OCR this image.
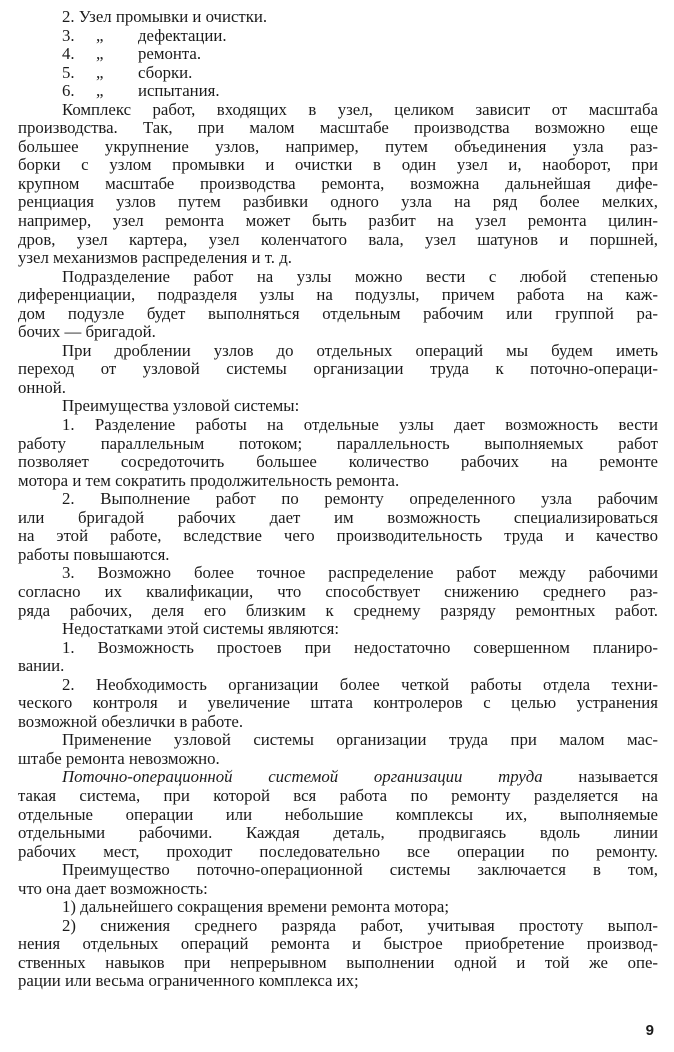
2. Узел промывки и очистки.
3. „ дефектации.
4. „ ремонта.
5. „ сборки.
6. „ испытания.
Комплекс работ, входящих в узел, целиком зависит от масштаба
производства. Так, при малом масштабе производства возможно еще
большее укрупнение узлов, например, путем объединения узла раз-
борки с узлом промывки и очистки в один узел и, наоборот, при
крупном масштабе производства ремонта, возможна дальнейшая дифе-
ренциация узлов путем разбивки одного узла на ряд более мелких,
например, узел ремонта может быть разбит на узел ремонта цилин-
дров, узел картера, узел коленчатого вала, узел шатунов и поршней,
узел механизмов распределения и т. д.
Подразделение работ на узлы можно вести с любой степенью
диференциации, подразделя узлы на подузлы, причем работа на каж-
дом подузле будет выполняться отдельным рабочим или группой ра-
бочих — бригадой.
При дроблении узлов до отдельных операций мы будем иметь
переход от узловой системы организации труда к поточно-операци-
онной.
Преимущества узловой системы:
1. Разделение работы на отдельные узлы дает возможность вести
работу параллельным потоком; параллельность выполняемых работ
позволяет сосредоточить большее количество рабочих на ремонте
мотора и тем сократить продолжительность ремонта.
2. Выполнение работ по ремонту определенного узла рабочим
или бригадой рабочих дает им возможность специализироваться
на этой работе, вследствие чего производительность труда и качество
работы повышаются.
3. Возможно более точное распределение работ между рабочими
согласно их квалификации, что способствует снижению среднего раз-
ряда рабочих, деля его близким к среднему разряду ремонтных работ.
Недостатками этой системы являются:
1. Возможность простоев при недостаточно совершенном планиро-
вании.
2. Необходимость организации более четкой работы отдела техни-
ческого контроля и увеличение штата контролеров с целью устранения
возможной обезлички в работе.
Применение узловой системы организации труда при малом мас-
штабе ремонта невозможно.
Поточно-операционной системой организации труда называется
такая система, при которой вся работа по ремонту разделяется на
отдельные операции или небольшие комплексы их, выполняемые
отдельными рабочими. Каждая деталь, продвигаясь вдоль линии
рабочих мест, проходит последовательно все операции по ремонту.
Преимущество поточно-операционной системы заключается в том,
что она дает возможность:
1) дальнейшего сокращения времени ремонта мотора;
2) снижения среднего разряда работ, учитывая простоту выпол-
нения отдельных операций ремонта и быстрое приобретение производ-
ственных навыков при непрерывном выполнении одной и той же опе-
рации или весьма ограниченного комплекса их;
9
